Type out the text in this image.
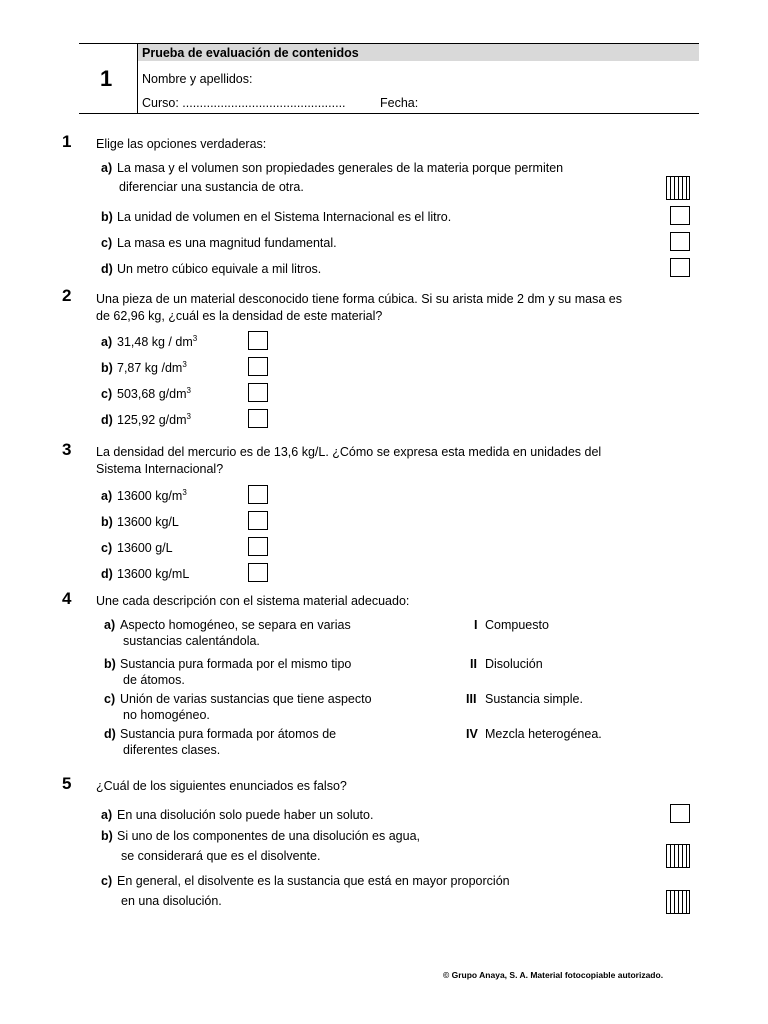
1
Prueba de evaluación de contenidos
Nombre y apellidos:
Curso: ...............................................	Fecha:
1 Elige las opciones verdaderas:
a) La masa y el volumen son propiedades generales de la materia porque permiten
diferenciar una sustancia de otra.
b) La unidad de volumen en el Sistema Internacional es el litro.
c) La masa es una magnitud fundamental.
d) Un metro cúbico equivale a mil litros.
2 Una pieza de un material desconocido tiene forma cúbica. Si su arista mide 2 dm y su masa es
de 62,96 kg, ¿cuál es la densidad de este material?
a) 31,48 kg / $dm^3$
b) 7,87 kg $/dm^3$
c) 503,68 $g/dm^3$
d) 125,92 $g/dm^3$
3 La densidad del mercurio es de 13,6 kg/L. ¿Cómo se expresa esta medida en unidades del
Sistema Internacional?
a) 13600 $kg/m^3$
b) 13600 kg/L
c) 13600 g/L
d) 13600 kg/mL
4 Une cada descripción con el sistema material adecuado:
a) Aspecto homogéneo, se separa en varias
sustancias calentándola.
b) Sustancia pura formada por el mismo tipo
de átomos.
c) Unión de varias sustancias que tiene aspecto
no homogéneo.
d) Sustancia pura formada por átomos de
diferentes clases.
I Compuesto
II Disolución
III Sustancia simple.
IV Mezcla heterogénea.
5 ¿Cuál de los siguientes enunciados es falso?
a) En una disolución solo puede haber un soluto.
b) Si uno de los componentes de una disolución es agua,
se considerará que es el disolvente.
c) En general, el disolvente es la sustancia que está en mayor proporción
en una disolución.
© Grupo Anaya, S. A. Material fotocopiable autorizado.
